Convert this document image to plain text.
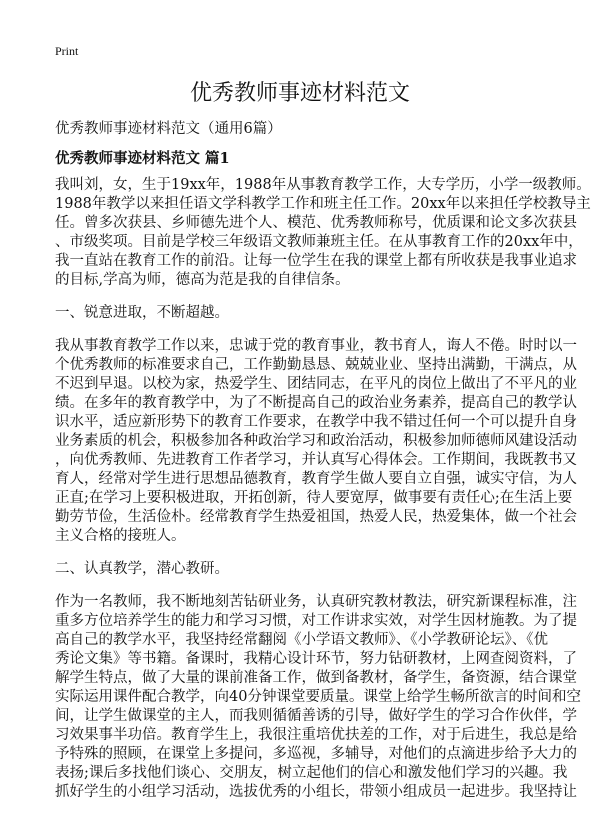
Print
优秀教师事迹材料范文
优秀教师事迹材料范文（通用6篇）
优秀教师事迹材料范文 篇1
我叫刘，女，生于19xx年，1988年从事教育教学工作，大专学历，小学一级教师。
1988年教学以来担任语文学科教学工作和班主任工作。20xx年以来担任学校教导主
任。曾多次获县、乡师德先进个人、模范、优秀教师称号，优质课和论文多次获县
、市级奖项。目前是学校三年级语文教师兼班主任。在从事教育工作的20xx年中，
我一直站在教育工作的前沿。让每一位学生在我的课堂上都有所收获是我事业追求
的目标,学高为师，德高为范是我的自律信条。
一、锐意进取，不断超越。
我从事教育教学工作以来，忠诚于党的教育事业，教书育人，诲人不倦。时时以一
个优秀教师的标准要求自己，工作勤勤恳恳、兢兢业业、坚持出满勤，干满点，从
不迟到早退。以校为家，热爱学生、团结同志，在平凡的岗位上做出了不平凡的业
绩。在多年的教育教学中，为了不断提高自己的政治业务素养，提高自己的教学认
识水平，适应新形势下的教育工作要求，在教学中我不错过任何一个可以提升自身
业务素质的机会，积极参加各种政治学习和政治活动，积极参加师德师风建设活动
，向优秀教师、先进教育工作者学习，并认真写心得体会。工作期间，我既教书又
育人，经常对学生进行思想品德教育，教育学生做人要自立自强，诚实守信，为人
正直;在学习上要积极进取，开拓创新，待人要宽厚，做事要有责任心;在生活上要
勤劳节俭，生活俭朴。经常教育学生热爱祖国，热爱人民，热爱集体，做一个社会
主义合格的接班人。
二、认真教学，潜心教研。
作为一名教师，我不断地刻苦钻研业务，认真研究教材教法，研究新课程标准，注
重多方位培养学生的能力和学习习惯，对工作讲求实效，对学生因材施教。为了提
高自己的教学水平，我坚持经常翻阅《小学语文教师》、《小学教研论坛》、《优
秀论文集》等书籍。备课时，我精心设计环节，努力钻研教材，上网查阅资料，了
解学生特点，做了大量的课前准备工作，做到备教材，备学生，备资源，结合课堂
实际运用课件配合教学，向40分钟课堂要质量。课堂上给学生畅所欲言的时间和空
间，让学生做课堂的主人，而我则循循善诱的引导，做好学生的学习合作伙伴，学
习效果事半功倍。教育学生上，我很注重培优扶差的工作，对于后进生，我总是给
予特殊的照顾，在课堂上多提问，多巡视，多辅导，对他们的点滴进步给予大力的
表扬;课后多找他们谈心、交朋友，树立起他们的信心和激发他们学习的兴趣。我
抓好学生的小组学习活动，选拔优秀的小组长，带领小组成员一起进步。我坚持让
